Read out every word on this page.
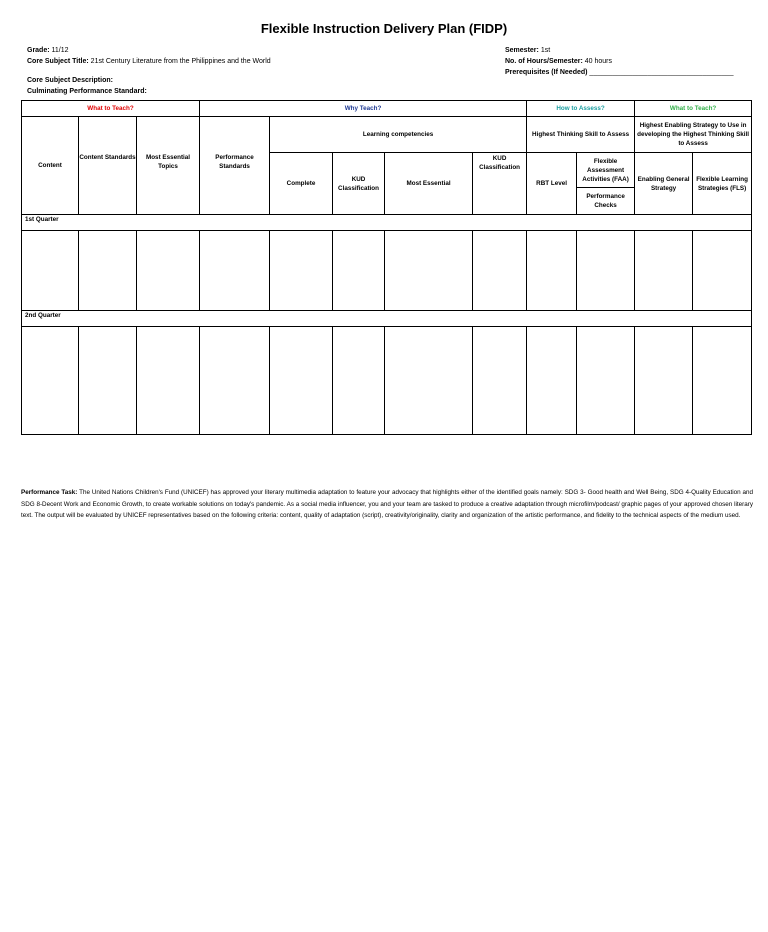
Flexible Instruction Delivery Plan (FIDP)
Grade: 11/12
Core Subject Title: 21st Century Literature from the Philippines and the World
Core Subject Description:
Culminating Performance Standard:
Semester: 1st
No. of Hours/Semester: 40 hours
Prerequisites (If Needed) _____________________________________
What to Teach?			Why Teach?					How to Assess?		What to Teach?	
Content	Content Standards	Most Essential Topics	Performance Standards	Learning competencies				Highest Thinking Skill to Assess		Highest Enabling Strategy to Use in developing the Highest Thinking Skill to Assess	
				Complete	KUD Classification	Most Essential	KUD Classification	RBT Level	Flexible Assessment Activities (FAA)	Enabling General Strategy	Flexible Learning Strategies (FLS)
									Performance Checks		
1st Quarter											

2nd Quarter											

Performance Task: The United Nations Children's Fund (UNICEF) has approved your literary multimedia adaptation to feature your advocacy that highlights either of the identified goals namely: SDG 3- Good health and Well Being, SDG 4-Quality Education and SDG 8-Decent Work and Economic Growth, to create workable solutions on today's pandemic. As a social media influencer, you and your team are tasked to produce a creative adaptation through microfilm/podcast/ graphic pages of your approved chosen literary text. The output will be evaluated by UNICEF representatives based on the following criteria: content, quality of adaptation (script), creativity/originality, clarity and organization of the artistic performance, and fidelity to the technical aspects of the medium used.
